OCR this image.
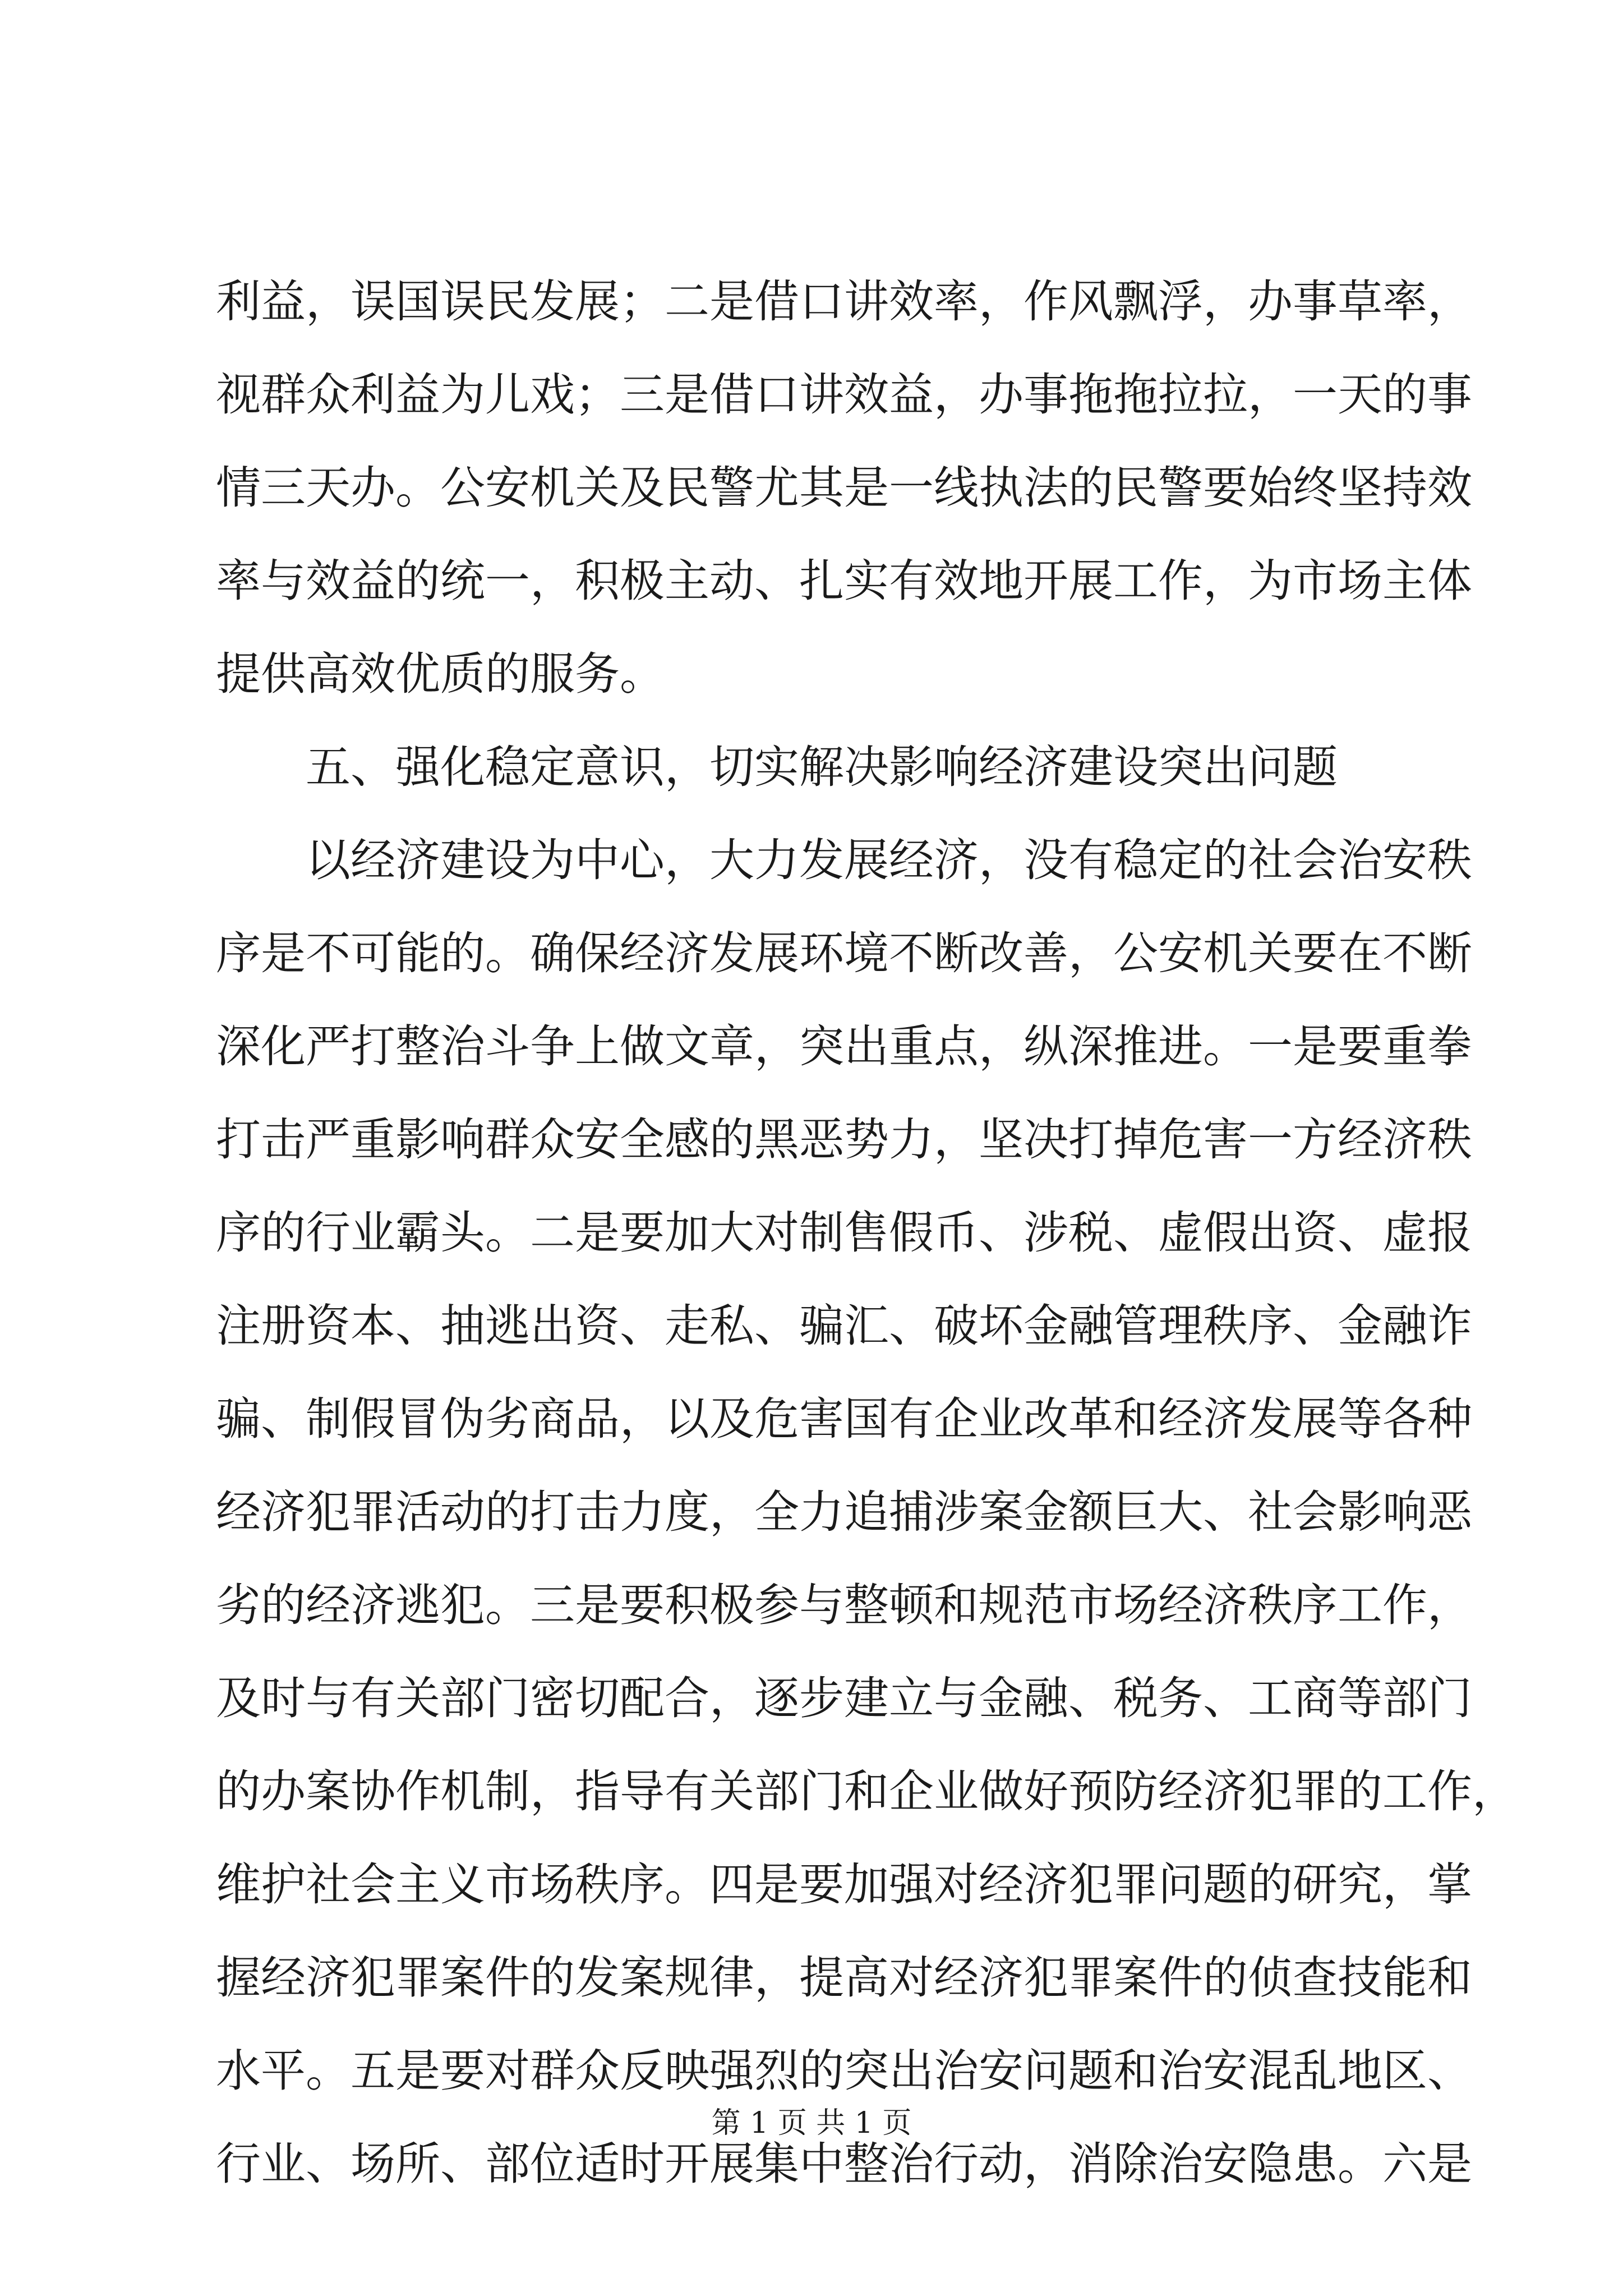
利益，误国误民发展；二是借口讲效率，作风飘浮，办事草率，
视群众利益为儿戏；三是借口讲效益，办事拖拖拉拉，一天的事
情三天办。公安机关及民警尤其是一线执法的民警要始终坚持效
率与效益的统一，积极主动、扎实有效地开展工作，为市场主体
提供高效优质的服务。
五、强化稳定意识，切实解决影响经济建设突出问题
以经济建设为中心，大力发展经济，没有稳定的社会治安秩
序是不可能的。确保经济发展环境不断改善，公安机关要在不断
深化严打整治斗争上做文章，突出重点，纵深推进。一是要重拳
打击严重影响群众安全感的黑恶势力，坚决打掉危害一方经济秩
序的行业霸头。二是要加大对制售假币、涉税、虚假出资、虚报
注册资本、抽逃出资、走私、骗汇、破坏金融管理秩序、金融诈
骗、制假冒伪劣商品，以及危害国有企业改革和经济发展等各种
经济犯罪活动的打击力度，全力追捕涉案金额巨大、社会影响恶
劣的经济逃犯。三是要积极参与整顿和规范市场经济秩序工作，
及时与有关部门密切配合，逐步建立与金融、税务、工商等部门
的办案协作机制，指导有关部门和企业做好预防经济犯罪的工作，
维护社会主义市场秩序。四是要加强对经济犯罪问题的研究，掌
握经济犯罪案件的发案规律，提高对经济犯罪案件的侦查技能和
水平。五是要对群众反映强烈的突出治安问题和治安混乱地区、
行业、场所、部位适时开展集中整治行动，消除治安隐患。六是
第 1 页 共 1 页
